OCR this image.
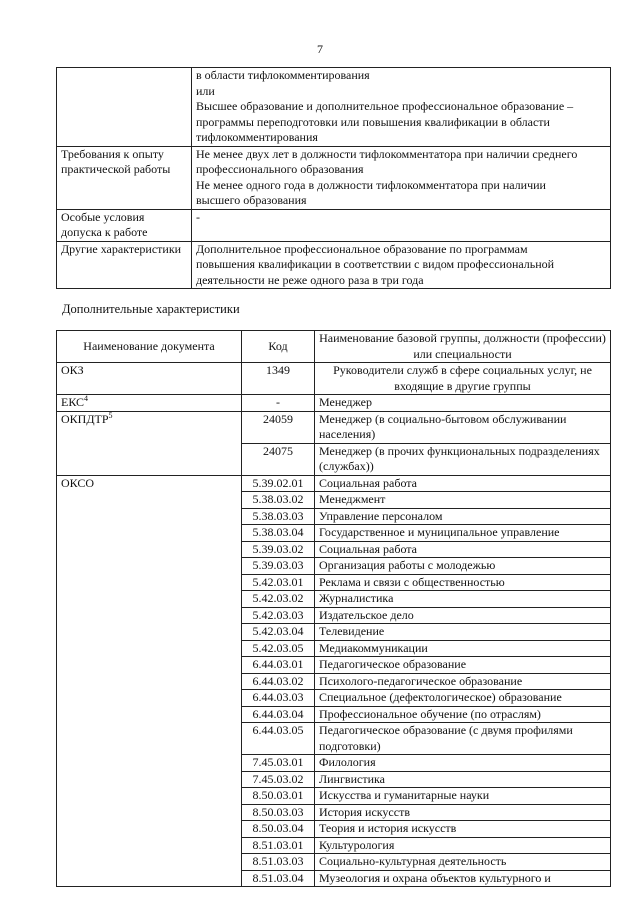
7

	в области тифлокомментирования
или
Высшее образование и дополнительное профессиональное образование –
программы переподготовки или повышения квалификации в области
тифлокомментирования

Требования к опыту практической работы	Не менее двух лет в должности тифлокомментатора при наличии среднего
профессионального образования
Не менее одного года в должности тифлокомментатора при наличии
высшего образования

Особые условия допуска к работе	-

Другие характеристики	Дополнительное профессиональное образование по программам
повышения квалификации в соответствии с видом профессиональной
деятельности не реже одного раза в три года
Дополнительные характеристики
Наименование документа	Код	Наименование базовой группы, должности (профессии) или специальности
ОКЗ	1349	Руководители служб в сфере социальных услуг, не входящие в другие группы
ЕКС$^4$	-	Менеджер
ОКПДТР$^5$	24059	Менеджер (в социально-бытовом обслуживании населения)
	24075	Менеджер (в прочих функциональных подразделениях (службах))
ОКСО	5.39.02.01	Социальная работа
	5.38.03.02	Менеджмент
	5.38.03.03	Управление персоналом
	5.38.03.04	Государственное и муниципальное управление
	5.39.03.02	Социальная работа
	5.39.03.03	Организация работы с молодежью
	5.42.03.01	Реклама и связи с общественностью
	5.42.03.02	Журналистика
	5.42.03.03	Издательское дело
	5.42.03.04	Телевидение
	5.42.03.05	Медиакоммуникации
	6.44.03.01	Педагогическое образование
	6.44.03.02	Психолого-педагогическое образование
	6.44.03.03	Специальное (дефектологическое) образование
	6.44.03.04	Профессиональное обучение (по отраслям)
	6.44.03.05	Педагогическое образование (с двумя профилями подготовки)
	7.45.03.01	Филология
	7.45.03.02	Лингвистика
	8.50.03.01	Искусства и гуманитарные науки
	8.50.03.03	История искусств
	8.50.03.04	Теория и история искусств
	8.51.03.01	Культурология
	8.51.03.03	Социально-культурная деятельность
	8.51.03.04	Музеология и охрана объектов культурного и
